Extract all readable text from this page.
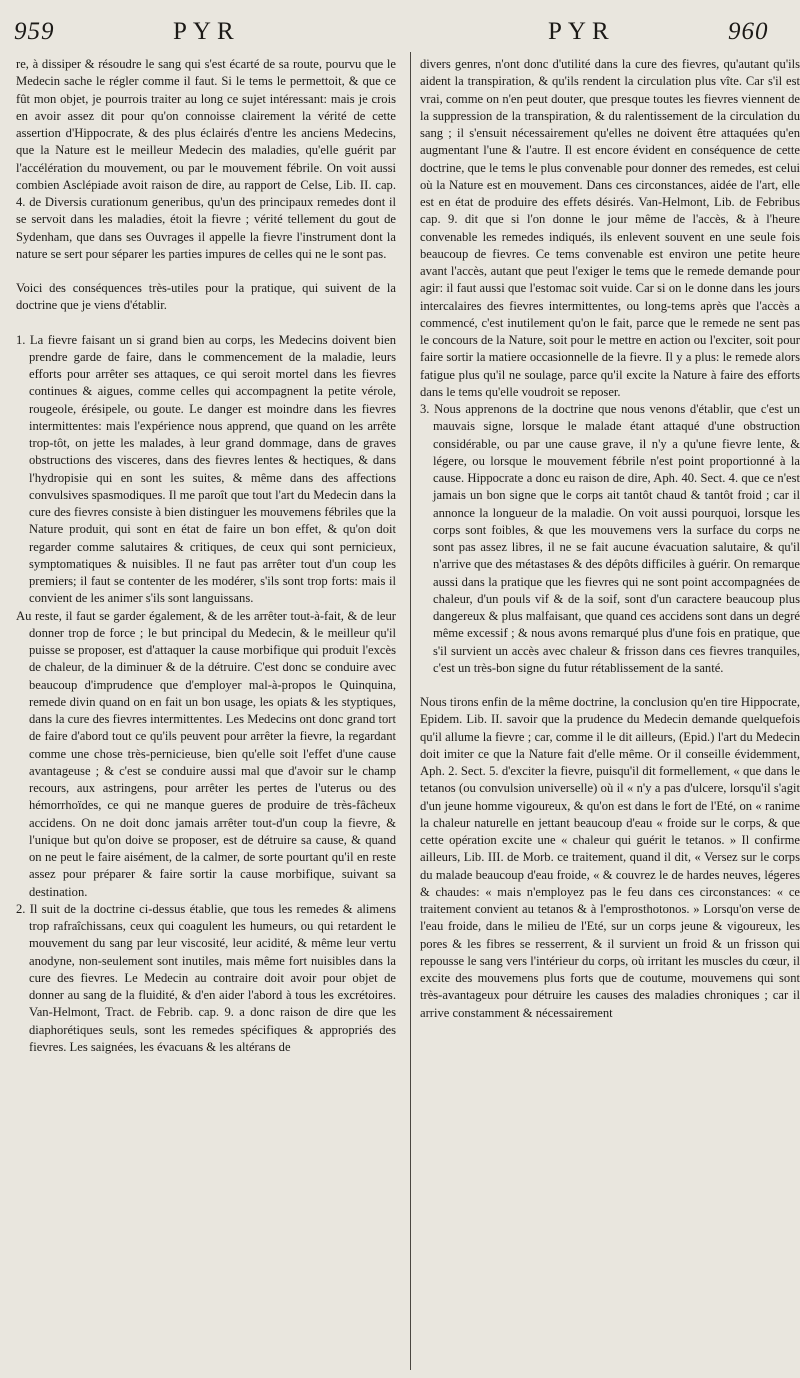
959	PYR	PYR	960

re, à dissiper & résoudre le sang qui s'est écarté de sa route, pourvu que le Medecin sache le régler comme il faut. Si le tems le permettoit, & que ce fût mon objet, je pourrois traiter au long ce sujet intéressant: mais je crois en avoir assez dit pour qu'on connoisse clairement la vérité de cette assertion d'Hippocrate, & des plus éclairés d'entre les anciens Medecins, que la Nature est le meilleur Medecin des maladies, qu'elle guérit par l'accélération du mouvement, ou par le mouvement fébrile. On voit aussi combien Asclépiade avoit raison de dire, au rapport de Celse, Lib. II. cap. 4. de Diversis curationum generibus, qu'un des principaux remedes dont il se servoit dans les maladies, étoit la fievre ; vérité tellement du gout de Sydenham, que dans ses Ouvrages il appelle la fievre l'instrument dont la nature se sert pour séparer les parties impures de celles qui ne le sont pas.

Voici des conséquences très-utiles pour la pratique, qui suivent de la doctrine que je viens d'établir.

1. La fievre faisant un si grand bien au corps, les Medecins doivent bien prendre garde de faire, dans le commencement de la maladie, leurs efforts pour arrêter ses attaques, ce qui seroit mortel dans les fievres continues & aigues, comme celles qui accompagnent la petite vérole, rougeole, érésipele, ou goute. Le danger est moindre dans les fievres intermittentes: mais l'expérience nous apprend, que quand on les arrête trop-tôt, on jette les malades, à leur grand dommage, dans de graves obstructions des visceres, dans des fievres lentes & hectiques, & dans l'hydropisie qui en sont les suites, & même dans des affections convulsives spasmodiques. Il me paroît que tout l'art du Medecin dans la cure des fievres consiste à bien distinguer les mouvemens fébriles que la Nature produit, qui sont en état de faire un bon effet, & qu'on doit regarder comme salutaires & critiques, de ceux qui sont pernicieux, symptomatiques & nuisibles. Il ne faut pas arrêter tout d'un coup les premiers; il faut se contenter de les modérer, s'ils sont trop forts: mais il convient de les animer s'ils sont languissans.

Au reste, il faut se garder également, & de les arrêter tout-à-fait, & de leur donner trop de force ; le but principal du Medecin, & le meilleur qu'il puisse se proposer, est d'attaquer la cause morbifique qui produit l'excès de chaleur, de la diminuer & de la détruire. C'est donc se conduire avec beaucoup d'imprudence que d'employer mal-à-propos le Quinquina, remede divin quand on en fait un bon usage, les opiats & les styptiques, dans la cure des fievres intermittentes. Les Medecins ont donc grand tort de faire d'abord tout ce qu'ils peuvent pour arrêter la fievre, la regardant comme une chose très-pernicieuse, bien qu'elle soit l'effet d'une cause avantageuse ; & c'est se conduire aussi mal que d'avoir sur le champ recours, aux astringens, pour arrêter les pertes de l'uterus ou des hémorrhoïdes, ce qui ne manque gueres de produire de très-fâcheux accidens. On ne doit donc jamais arrêter tout-d'un coup la fievre, & l'unique but qu'on doive se proposer, est de détruire sa cause, & quand on ne peut le faire aisément, de la calmer, de sorte pourtant qu'il en reste assez pour préparer & faire sortir la cause morbifique, suivant sa destination.

2. Il suit de la doctrine ci-dessus établie, que tous les remedes & alimens trop rafraîchissans, ceux qui coagulent les humeurs, ou qui retardent le mouvement du sang par leur viscosité, leur acidité, & même leur vertu anodyne, non-seulement sont inutiles, mais même fort nuisibles dans la cure des fievres. Le Medecin au contraire doit avoir pour objet de donner au sang de la fluidité, & d'en aider l'abord à tous les excrétoires. Van-Helmont, Tract. de Febrib. cap. 9. a donc raison de dire que les diaphorétiques seuls, sont les remedes spécifiques & appropriés des fievres. Les saignées, les évacuans & les altérans de

divers genres, n'ont donc d'utilité dans la cure des fievres, qu'autant qu'ils aident la transpiration, & qu'ils rendent la circulation plus vîte. Car s'il est vrai, comme on n'en peut douter, que presque toutes les fievres viennent de la suppression de la transpiration, & du ralentissement de la circulation du sang ; il s'ensuit nécessairement qu'elles ne doivent être attaquées qu'en augmentant l'une & l'autre. Il est encore évident en conséquence de cette doctrine, que le tems le plus convenable pour donner des remedes, est celui où la Nature est en mouvement. Dans ces circonstances, aidée de l'art, elle est en état de produire des effets désirés. Van-Helmont, Lib. de Febribus cap. 9. dit que si l'on donne le jour même de l'accès, & à l'heure convenable les remedes indiqués, ils enlevent souvent en une seule fois beaucoup de fievres. Ce tems convenable est environ une petite heure avant l'accès, autant que peut l'exiger le tems que le remede demande pour agir: il faut aussi que l'estomac soit vuide. Car si on le donne dans les jours intercalaires des fievres intermittentes, ou long-tems après que l'accès a commencé, c'est inutilement qu'on le fait, parce que le remede ne sent pas le concours de la Nature, soit pour le mettre en action ou l'exciter, soit pour faire sortir la matiere occasionnelle de la fievre. Il y a plus: le remede alors fatigue plus qu'il ne soulage, parce qu'il excite la Nature à faire des efforts dans le tems qu'elle voudroit se reposer.

3. Nous apprenons de la doctrine que nous venons d'établir, que c'est un mauvais signe, lorsque le malade étant attaqué d'une obstruction considérable, ou par une cause grave, il n'y a qu'une fievre lente, & légere, ou lorsque le mouvement fébrile n'est point proportionné à la cause. Hippocrate a donc eu raison de dire, Aph. 40. Sect. 4. que ce n'est jamais un bon signe que le corps ait tantôt chaud & tantôt froid ; car il annonce la longueur de la maladie. On voit aussi pourquoi, lorsque les corps sont foibles, & que les mouvemens vers la surface du corps ne sont pas assez libres, il ne se fait aucune évacuation salutaire, & qu'il n'arrive que des métastases & des dépôts difficiles à guérir. On remarque aussi dans la pratique que les fievres qui ne sont point accompagnées de chaleur, d'un pouls vif & de la soif, sont d'un caractere beaucoup plus dangereux & plus malfaisant, que quand ces accidens sont dans un degré même excessif ; & nous avons remarqué plus d'une fois en pratique, que s'il survient un accès avec chaleur & frisson dans ces fievres tranquiles, c'est un très-bon signe du futur rétablissement de la santé.

Nous tirons enfin de la même doctrine, la conclusion qu'en tire Hippocrate, Epidem. Lib. II. savoir que la prudence du Medecin demande quelquefois qu'il allume la fievre ; car, comme il le dit ailleurs, (Epid.) l'art du Medecin doit imiter ce que la Nature fait d'elle même. Or il conseille évidemment, Aph. 2. Sect. 5. d'exciter la fievre, puisqu'il dit formellement, « que dans le tetanos (ou convulsion universelle) où il « n'y a pas d'ulcere, lorsqu'il s'agit d'un jeune homme vigoureux, & qu'on est dans le fort de l'Eté, on « ranime la chaleur naturelle en jettant beaucoup d'eau « froide sur le corps, & que cette opération excite une « chaleur qui guérit le tetanos. » Il confirme ailleurs, Lib. III. de Morb. ce traitement, quand il dit, « Versez sur le corps du malade beaucoup d'eau froide, « & couvrez le de hardes neuves, légeres & chaudes: « mais n'employez pas le feu dans ces circonstances: « ce traitement convient au tetanos & à l'emprosthotonos. » Lorsqu'on verse de l'eau froide, dans le milieu de l'Eté, sur un corps jeune & vigoureux, les pores & les fibres se resserrent, & il survient un froid & un frisson qui repousse le sang vers l'intérieur du corps, où irritant les muscles du cœur, il excite des mouvemens plus forts que de coutume, mouvemens qui sont très-avantageux pour détruire les causes des maladies chroniques ; car il arrive constamment & nécessairement
